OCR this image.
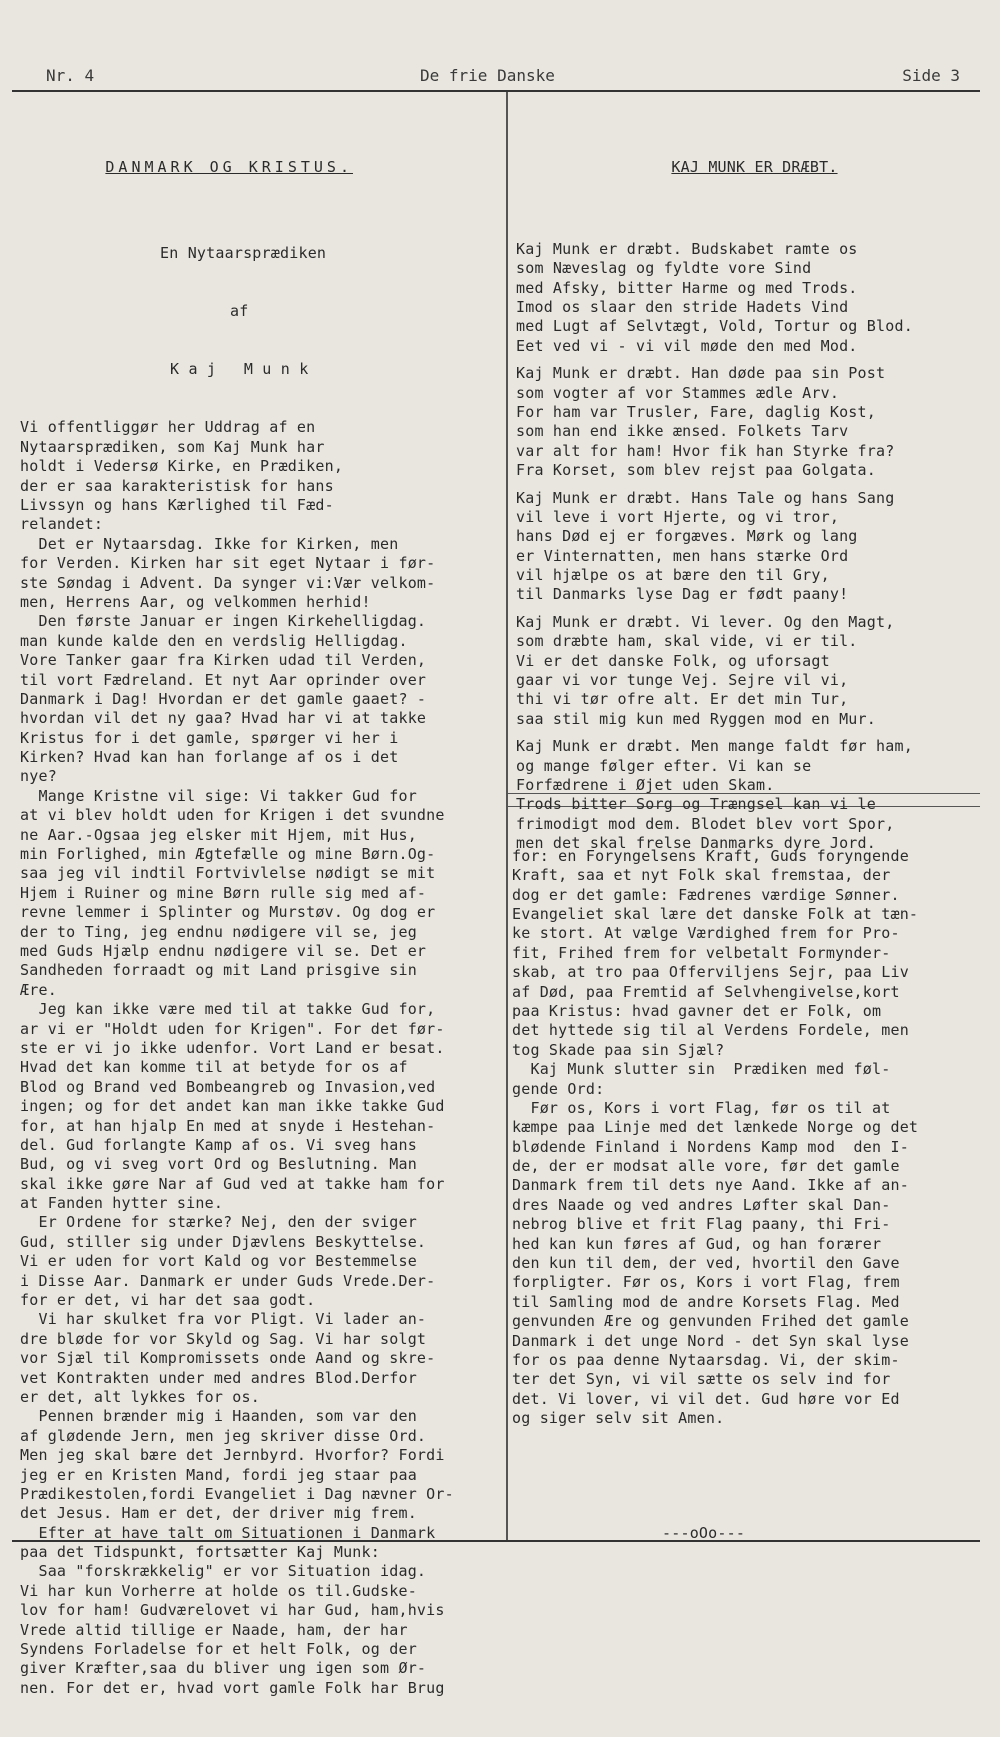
Nr. 4	De frie Danske	Side 3

DANMARK OG KRISTUS.

En Nytaarsprædiken

af

K a j   M u n k

Vi offentliggør her Uddrag af en
Nytaarsprædiken, som Kaj Munk har
holdt i Vedersø Kirke, en Prædiken,
der er saa karakteristisk for hans
Livssyn og hans Kærlighed til Fæd-
relandet:
Det er Nytaarsdag. Ikke for Kirken, men
for Verden. Kirken har sit eget Nytaar i før-
ste Søndag i Advent. Da synger vi:Vær velkom-
men, Herrens Aar, og velkommen herhid!
Den første Januar er ingen Kirkehelligdag.
man kunde kalde den en verdslig Helligdag.
Vore Tanker gaar fra Kirken udad til Verden,
til vort Fædreland. Et nyt Aar oprinder over
Danmark i Dag! Hvordan er det gamle gaaet? -
hvordan vil det ny gaa? Hvad har vi at takke
Kristus for i det gamle, spørger vi her i
Kirken? Hvad kan han forlange af os i det
nye?
Mange Kristne vil sige: Vi takker Gud for
at vi blev holdt uden for Krigen i det svundne
ne Aar.-Ogsaa jeg elsker mit Hjem, mit Hus,
min Forlighed, min Ægtefælle og mine Børn.Og-
saa jeg vil indtil Fortvivlelse nødigt se mit
Hjem i Ruiner og mine Børn rulle sig med af-
revne lemmer i Splinter og Murstøv. Og dog er
der to Ting, jeg endnu nødigere vil se, jeg
med Guds Hjælp endnu nødigere vil se. Det er
Sandheden forraadt og mit Land prisgive sin
Ære.
Jeg kan ikke være med til at takke Gud for,
ar vi er "Holdt uden for Krigen". For det før-
ste er vi jo ikke udenfor. Vort Land er besat.
Hvad det kan komme til at betyde for os af
Blod og Brand ved Bombeangreb og Invasion,ved
ingen; og for det andet kan man ikke takke Gud
for, at han hjalp En med at snyde i Hestehan-
del. Gud forlangte Kamp af os. Vi sveg hans
Bud, og vi sveg vort Ord og Beslutning. Man
skal ikke gøre Nar af Gud ved at takke ham for
at Fanden hytter sine.
Er Ordene for stærke? Nej, den der sviger
Gud, stiller sig under Djævlens Beskyttelse.
Vi er uden for vort Kald og vor Bestemmelse
i Disse Aar. Danmark er under Guds Vrede.Der-
for er det, vi har det saa godt.
Vi har skulket fra vor Pligt. Vi lader an-
dre bløde for vor Skyld og Sag. Vi har solgt
vor Sjæl til Kompromissets onde Aand og skre-
vet Kontrakten under med andres Blod.Derfor
er det, alt lykkes for os.
Pennen brænder mig i Haanden, som var den
af glødende Jern, men jeg skriver disse Ord.
Men jeg skal bære det Jernbyrd. Hvorfor? Fordi
jeg er en Kristen Mand, fordi jeg staar paa
Prædikestolen,fordi Evangeliet i Dag nævner Or-
det Jesus. Ham er det, der driver mig frem.
Efter at have talt om Situationen i Danmark
paa det Tidspunkt, fortsætter Kaj Munk:
Saa "forskrækkelig" er vor Situation idag.
Vi har kun Vorherre at holde os til.Gudske-
lov for ham! Gudværelovet vi har Gud, ham,hvis
Vrede altid tillige er Naade, ham, der har
Syndens Forladelse for et helt Folk, og der
giver Kræfter,saa du bliver ung igen som Ør-
nen. For det er, hvad vort gamle Folk har Brug

KAJ MUNK ER DRÆBT.

Kaj Munk er dræbt. Budskabet ramte os
som Næveslag og fyldte vore Sind
med Afsky, bitter Harme og med Trods.
Imod os slaar den stride Hadets Vind
med Lugt af Selvtægt, Vold, Tortur og Blod.
Eet ved vi - vi vil møde den med Mod.
Kaj Munk er dræbt. Han døde paa sin Post
som vogter af vor Stammes ædle Arv.
For ham var Trusler, Fare, daglig Kost,
som han end ikke ænsed. Folkets Tarv
var alt for ham! Hvor fik han Styrke fra?
Fra Korset, som blev rejst paa Golgata.
Kaj Munk er dræbt. Hans Tale og hans Sang
vil leve i vort Hjerte, og vi tror,
hans Død ej er forgæves. Mørk og lang
er Vinternatten, men hans stærke Ord
vil hjælpe os at bære den til Gry,
til Danmarks lyse Dag er født paany!
Kaj Munk er dræbt. Vi lever. Og den Magt,
som dræbte ham, skal vide, vi er til.
Vi er det danske Folk, og uforsagt
gaar vi vor tunge Vej. Sejre vil vi,
thi vi tør ofre alt. Er det min Tur,
saa stil mig kun med Ryggen mod en Mur.
Kaj Munk er dræbt. Men mange faldt før ham,
og mange følger efter. Vi kan se
Forfædrene i Øjet uden Skam.
Trods bitter Sorg og Trængsel kan vi le
frimodigt mod dem. Blodet blev vort Spor,
men det skal frelse Danmarks dyre Jord.

for: en Foryngelsens Kraft, Guds foryngende
Kraft, saa et nyt Folk skal fremstaa, der
dog er det gamle: Fædrenes værdige Sønner.
Evangeliet skal lære det danske Folk at tæn-
ke stort. At vælge Værdighed frem for Pro-
fit, Frihed frem for velbetalt Formynder-
skab, at tro paa Offerviljens Sejr, paa Liv
af Død, paa Fremtid af Selvhengivelse,kort
paa Kristus: hvad gavner det er Folk, om
det hyttede sig til al Verdens Fordele, men
tog Skade paa sin Sjæl?
Kaj Munk slutter sin  Prædiken med føl-
gende Ord:
Før os, Kors i vort Flag, før os til at
kæmpe paa Linje med det lænkede Norge og det
blødende Finland i Nordens Kamp mod  den I-
de, der er modsat alle vore, før det gamle
Danmark frem til dets nye Aand. Ikke af an-
dres Naade og ved andres Løfter skal Dan-
nebrog blive et frit Flag paany, thi Fri-
hed kan kun føres af Gud, og han forærer
den kun til dem, der ved, hvortil den Gave
forpligter. Før os, Kors i vort Flag, frem
til Samling mod de andre Korsets Flag. Med
genvunden Ære og genvunden Frihed det gamle
Danmark i det unge Nord - det Syn skal lyse
for os paa denne Nytaarsdag. Vi, der skim-
ter det Syn, vi vil sætte os selv ind for
det. Vi lover, vi vil det. Gud høre vor Ed
og siger selv sit Amen.

---oOo---
